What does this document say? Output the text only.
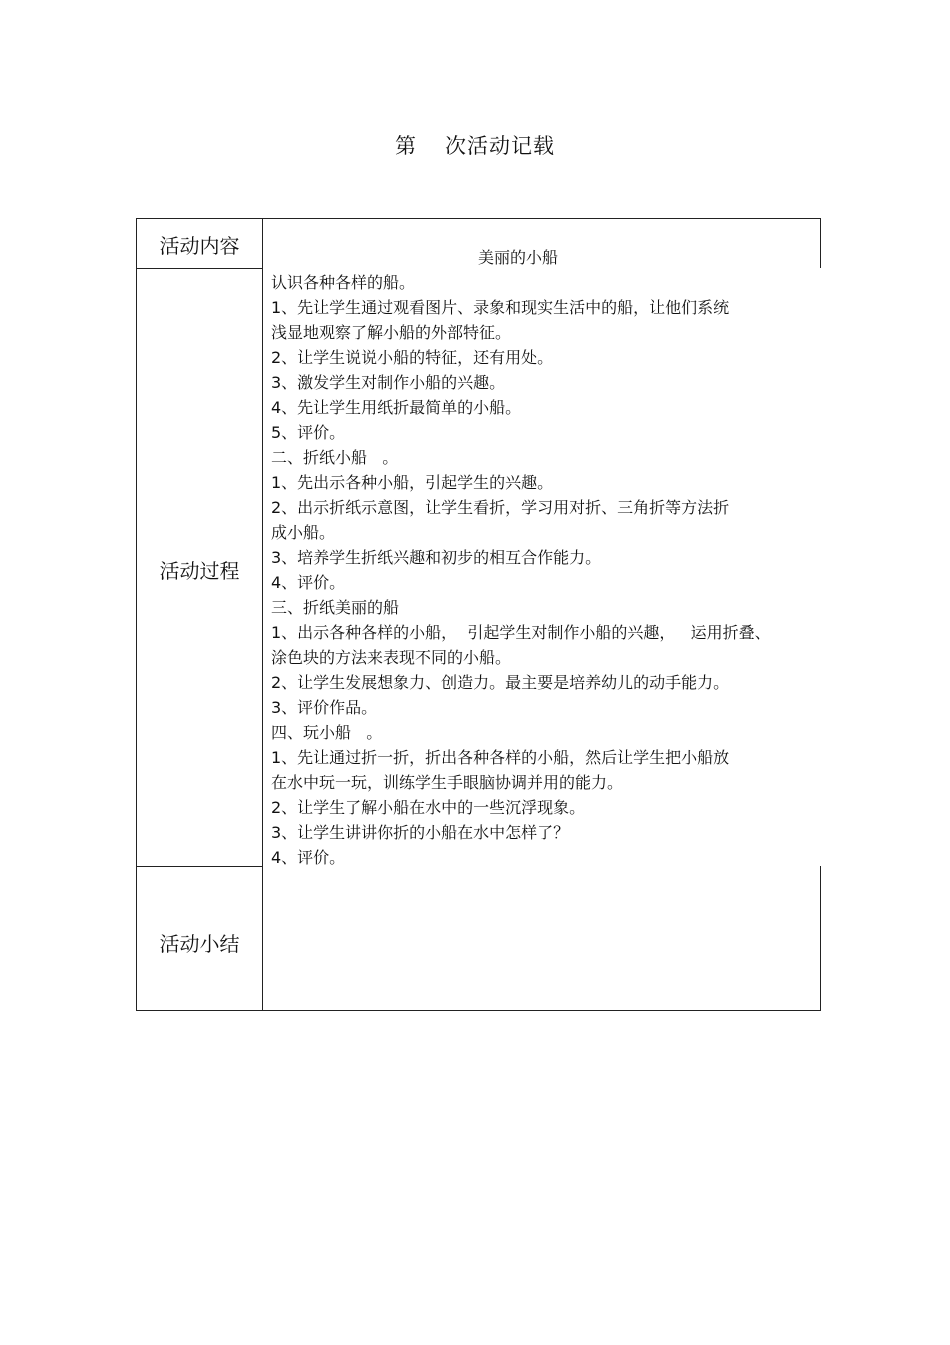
第 次活动记载
活动内容
活动过程
活动小结
美丽的小船
认识各种各样的船。
1、先让学生通过观看图片、录象和现实生活中的船，让他们系统
浅显地观察了解小船的外部特征。
2、让学生说说小船的特征，还有用处。
3、激发学生对制作小船的兴趣。
4、先让学生用纸折最简单的小船。
5、评价。
二、折纸小船   。
1、先出示各种小船，引起学生的兴趣。
2、出示折纸示意图，让学生看折，学习用对折、三角折等方法折
成小船。
3、培养学生折纸兴趣和初步的相互合作能力。
4、评价。
三、折纸美丽的船
1、出示各种各样的小船，  引起学生对制作小船的兴趣，   运用折叠、
涂色块的方法来表现不同的小船。
2、让学生发展想象力、创造力。最主要是培养幼儿的动手能力。
3、评价作品。
四、玩小船   。
1、先让通过折一折，折出各种各样的小船，然后让学生把小船放
在水中玩一玩，训练学生手眼脑协调并用的能力。
2、让学生了解小船在水中的一些沉浮现象。
3、让学生讲讲你折的小船在水中怎样了？
4、评价。
